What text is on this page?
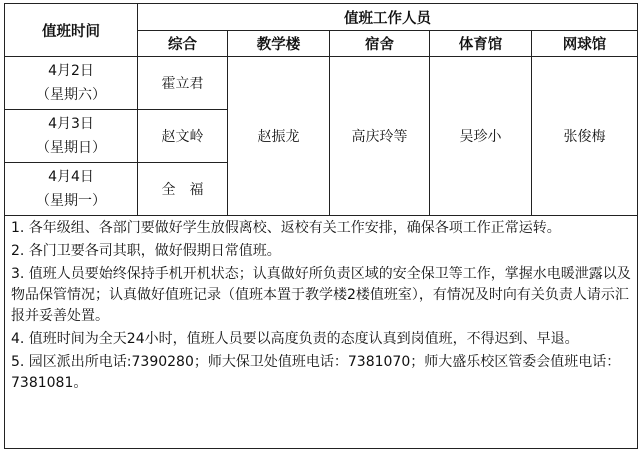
值班时间	值班工作人员				
	综合	教学楼	宿舍	体育馆	网球馆

4月2日
（星期六）	霍立君	赵振龙	高庆玲等	吴珍小	张俊梅

4月3日
（星期日）	赵文岭				

4月4日
（星期一）	全　福				

1. 各年级组、各部门要做好学生放假离校、返校有关工作安排，确保各项工作正常运转。

2. 各门卫要各司其职，做好假期日常值班。

3. 值班人员要始终保持手机开机状态；认真做好所负责区域的安全保卫等工作，掌握水电暖泄露以及物品保管情况；认真做好值班记录（值班本置于教学楼2楼值班室），有情况及时向有关负责人请示汇报并妥善处置。

4. 值班时间为全天24小时，值班人员要以高度负责的态度认真到岗值班，不得迟到、早退。

5. 园区派出所电话:7390280；师大保卫处值班电话：7381070；师大盛乐校区管委会值班电话：7381081。					
